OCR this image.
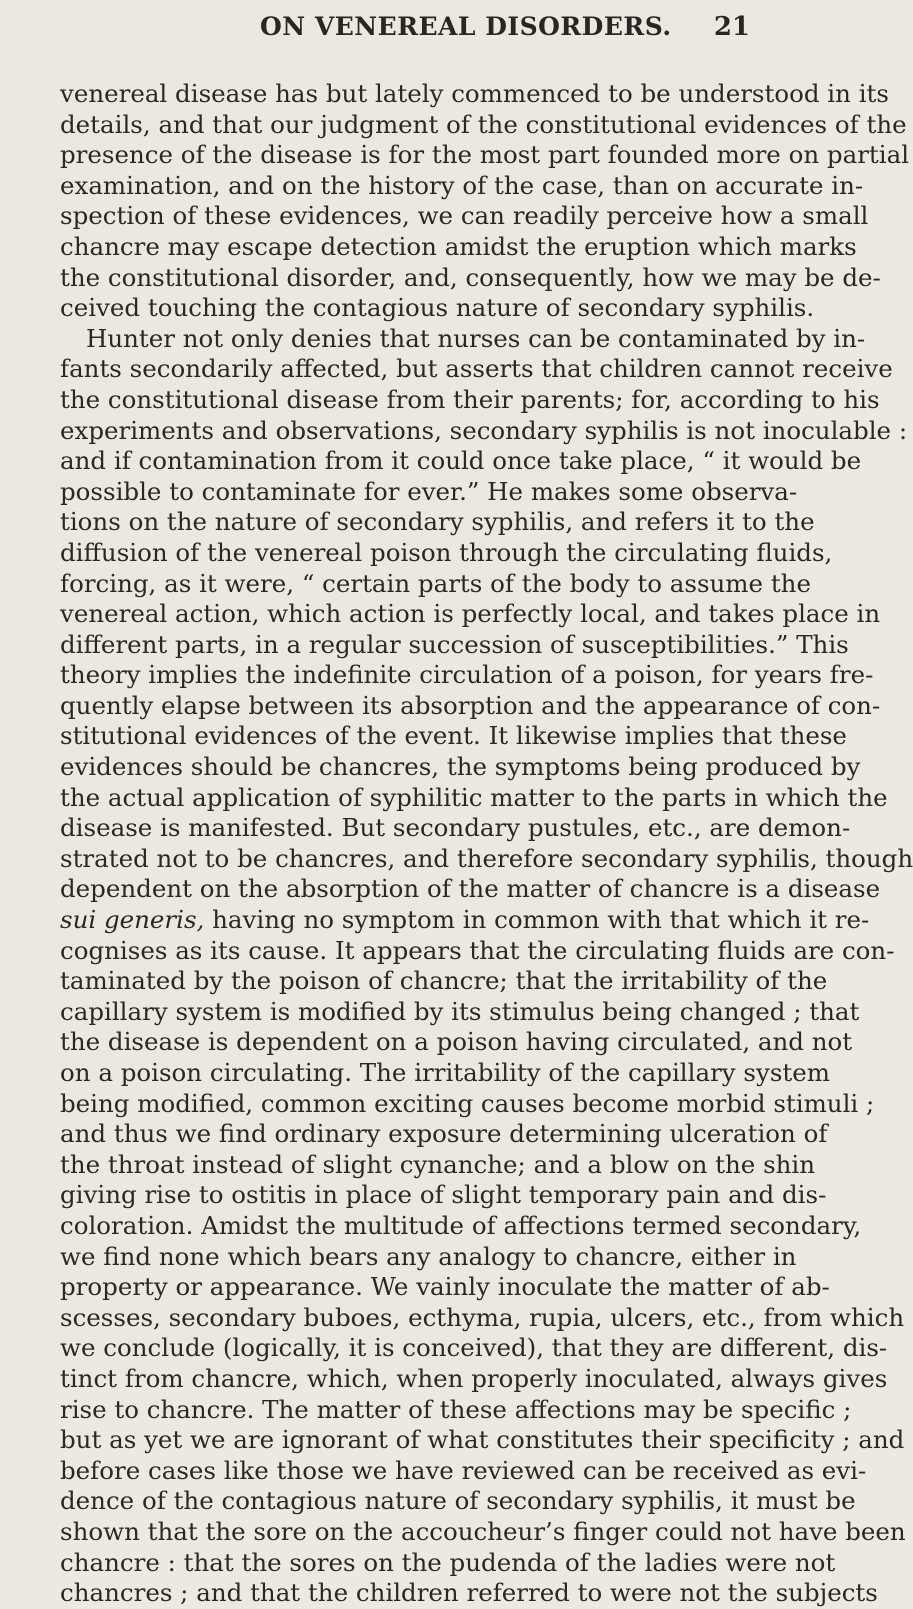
ON VENEREAL DISORDERS. 21
venereal disease has but lately commenced to be understood in its
details, and that our judgment of the constitutional evidences of the
presence of the disease is for the most part founded more on partial
examination, and on the history of the case, than on accurate in-
spection of these evidences, we can readily perceive how a small
chancre may escape detection amidst the eruption which marks
the constitutional disorder, and, consequently, how we may be de-
ceived touching the contagious nature of secondary syphilis.
Hunter not only denies that nurses can be contaminated by in-
fants secondarily affected, but asserts that children cannot receive
the constitutional disease from their parents; for, according to his
experiments and observations, secondary syphilis is not inoculable :
and if contamination from it could once take place, “ it would be
possible to contaminate for ever.” He makes some observa-
tions on the nature of secondary syphilis, and refers it to the
diffusion of the venereal poison through the circulating fluids,
forcing, as it were, “ certain parts of the body to assume the
venereal action, which action is perfectly local, and takes place in
different parts, in a regular succession of susceptibilities.” This
theory implies the indefinite circulation of a poison, for years fre-
quently elapse between its absorption and the appearance of con-
stitutional evidences of the event. It likewise implies that these
evidences should be chancres, the symptoms being produced by
the actual application of syphilitic matter to the parts in which the
disease is manifested. But secondary pustules, etc., are demon-
strated not to be chancres, and therefore secondary syphilis, though
dependent on the absorption of the matter of chancre is a disease
sui generis, having no symptom in common with that which it re-
cognises as its cause. It appears that the circulating fluids are con-
taminated by the poison of chancre; that the irritability of the
capillary system is modified by its stimulus being changed ; that
the disease is dependent on a poison having circulated, and not
on a poison circulating. The irritability of the capillary system
being modified, common exciting causes become morbid stimuli ;
and thus we find ordinary exposure determining ulceration of
the throat instead of slight cynanche; and a blow on the shin
giving rise to ostitis in place of slight temporary pain and dis-
coloration. Amidst the multitude of affections termed secondary,
we find none which bears any analogy to chancre, either in
property or appearance. We vainly inoculate the matter of ab-
scesses, secondary buboes, ecthyma, rupia, ulcers, etc., from which
we conclude (logically, it is conceived), that they are different, dis-
tinct from chancre, which, when properly inoculated, always gives
rise to chancre. The matter of these affections may be specific ;
but as yet we are ignorant of what constitutes their specificity ; and
before cases like those we have reviewed can be received as evi-
dence of the contagious nature of secondary syphilis, it must be
shown that the sore on the accoucheur’s finger could not have been
chancre : that the sores on the pudenda of the ladies were not
chancres ; and that the children referred to were not the subjects
